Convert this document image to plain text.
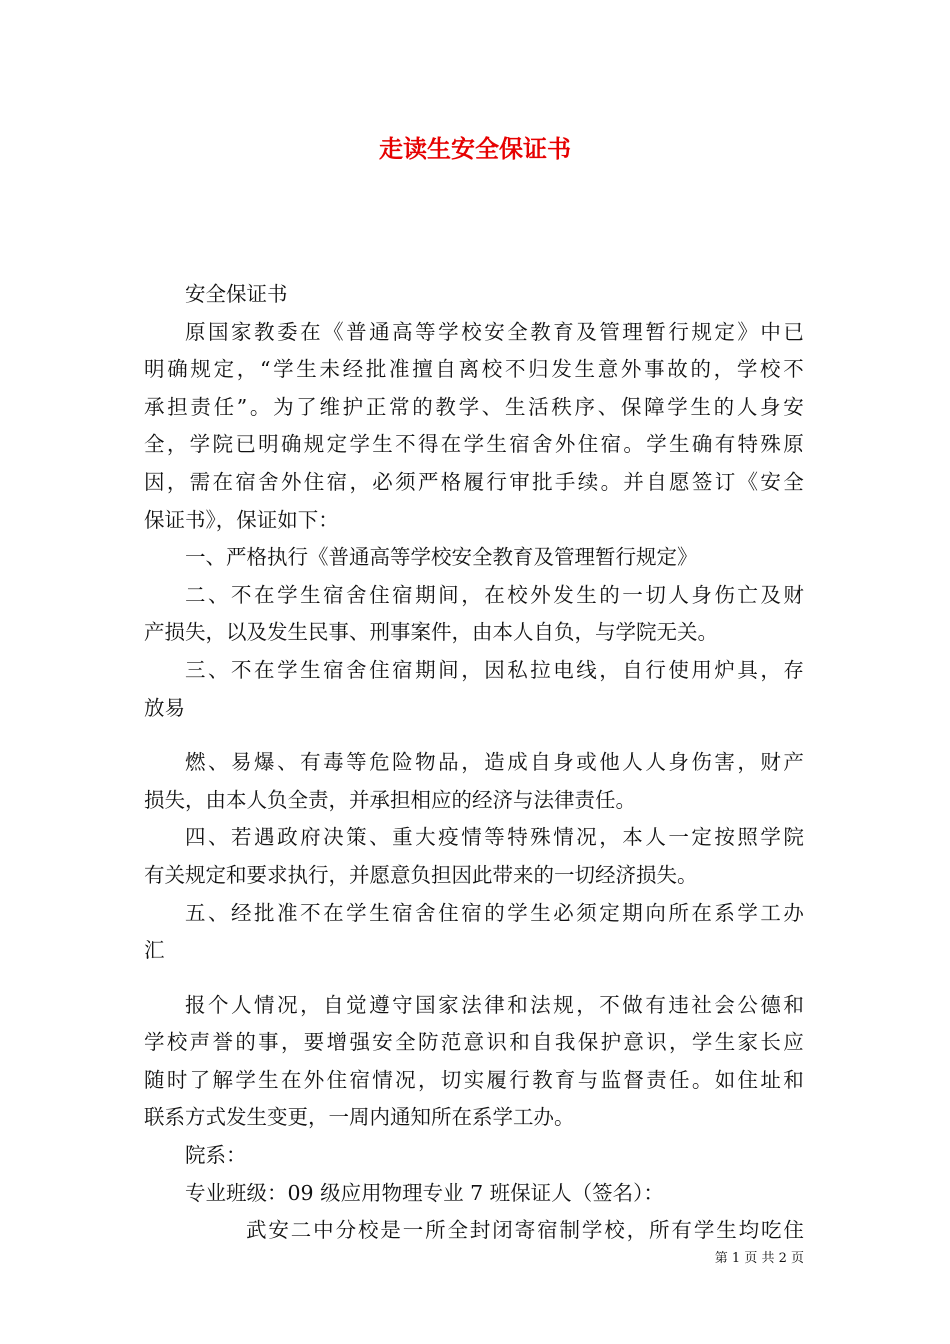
走读生安全保证书
安全保证书
原 国 家 教 委 在 《 普 通 高 等 学 校 安 全 教 育 及 管 理 暂 行 规 定 》 中 已
明 确 规 定 ， “ 学 生 未 经 批 准 擅 自 离 校 不 归 发 生 意 外 事 故 的 ， 学 校 不
承 担 责 任 ” 。 为 了 维 护 正 常 的 教 学 、 生 活 秩 序 、 保 障 学 生 的 人 身 安
全 ， 学 院 已 明 确 规 定 学 生 不 得 在 学 生 宿 舍 外 住 宿 。 学 生 确 有 特 殊 原
因 ， 需 在 宿 舍 外 住 宿 ， 必 须 严 格 履 行 审 批 手 续 。 并 自 愿 签 订 《 安 全
保证书》，保证如下：
一、严格执行《普通高等学校安全教育及管理暂行规定》
二 、 不 在 学 生 宿 舍 住 宿 期 间 ， 在 校 外 发 生 的 一 切 人 身 伤 亡 及 财
产损失，以及发生民事、刑事案件，由本人自负，与学院无关。
三 、 不 在 学 生 宿 舍 住 宿 期 间 ， 因 私 拉 电 线 ， 自 行 使 用 炉 具 ， 存
放易
燃 、 易 爆 、 有 毒 等 危 险 物 品 ， 造 成 自 身 或 他 人 人 身 伤 害 ， 财 产
损失，由本人负全责，并承担相应的经济与法律责任。
四 、 若 遇 政 府 决 策 、 重 大 疫 情 等 特 殊 情 况 ， 本 人 一 定 按 照 学 院
有关规定和要求执行，并愿意负担因此带来的一切经济损失。
五 、 经 批 准 不 在 学 生 宿 舍 住 宿 的 学 生 必 须 定 期 向 所 在 系 学 工 办
汇
报 个 人 情 况 ， 自 觉 遵 守 国 家 法 律 和 法 规 ， 不 做 有 违 社 会 公 德 和
学 校 声 誉 的 事 ， 要 增 强 安 全 防 范 意 识 和 自 我 保 护 意 识 ， 学 生 家 长 应
随 时 了 解 学 生 在 外 住 宿 情 况 ， 切 实 履 行 教 育 与 监 督 责 任 。 如 住 址 和
联系方式发生变更，一周内通知所在系学工办。
院系：
专业班级：09 级应用物理专业 7 班保证人（签名）：
武 安 二 中 分 校 是 一 所 全 封 闭 寄 宿 制 学 校 ， 所 有 学 生 均 吃 住
第 1 页 共 2 页
